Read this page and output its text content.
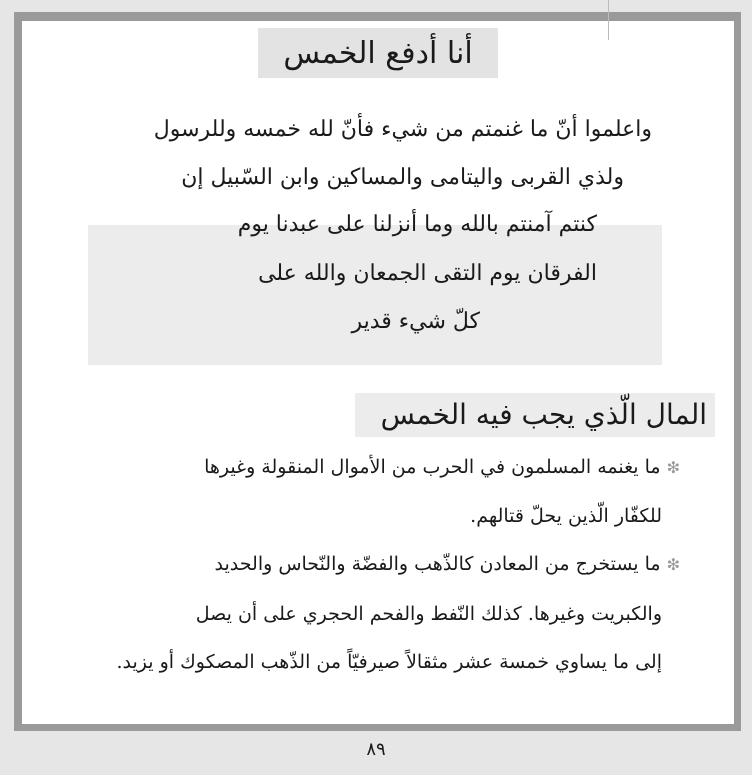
أنا أدفع الخمس
واعلموا أنّ ما غنمتم من شيء فأنّ لله خمسه وللرسول
ولذي القربى واليتامى والمساكين وابن السّبيل إن
كنتم آمنتم بالله وما أنزلنا على عبدنا يوم
الفرقان يوم التقى الجمعان والله على
كلّ شيء قدير
المال الّذي يجب فيه الخمس
❇ما يغنمه المسلمون في الحرب من الأموال المنقولة وغيرها
للكفّار الّذين يحلّ قتالهم.
❇ما يستخرج من المعادن كالذّهب والفضّة والنّحاس والحديد
والكبريت وغيرها. كذلك النّفط والفحم الحجري على أن يصل
إلى ما يساوي خمسة عشر مثقالاً صيرفيّاً من الذّهب المصكوك أو يزيد.
٨٩
